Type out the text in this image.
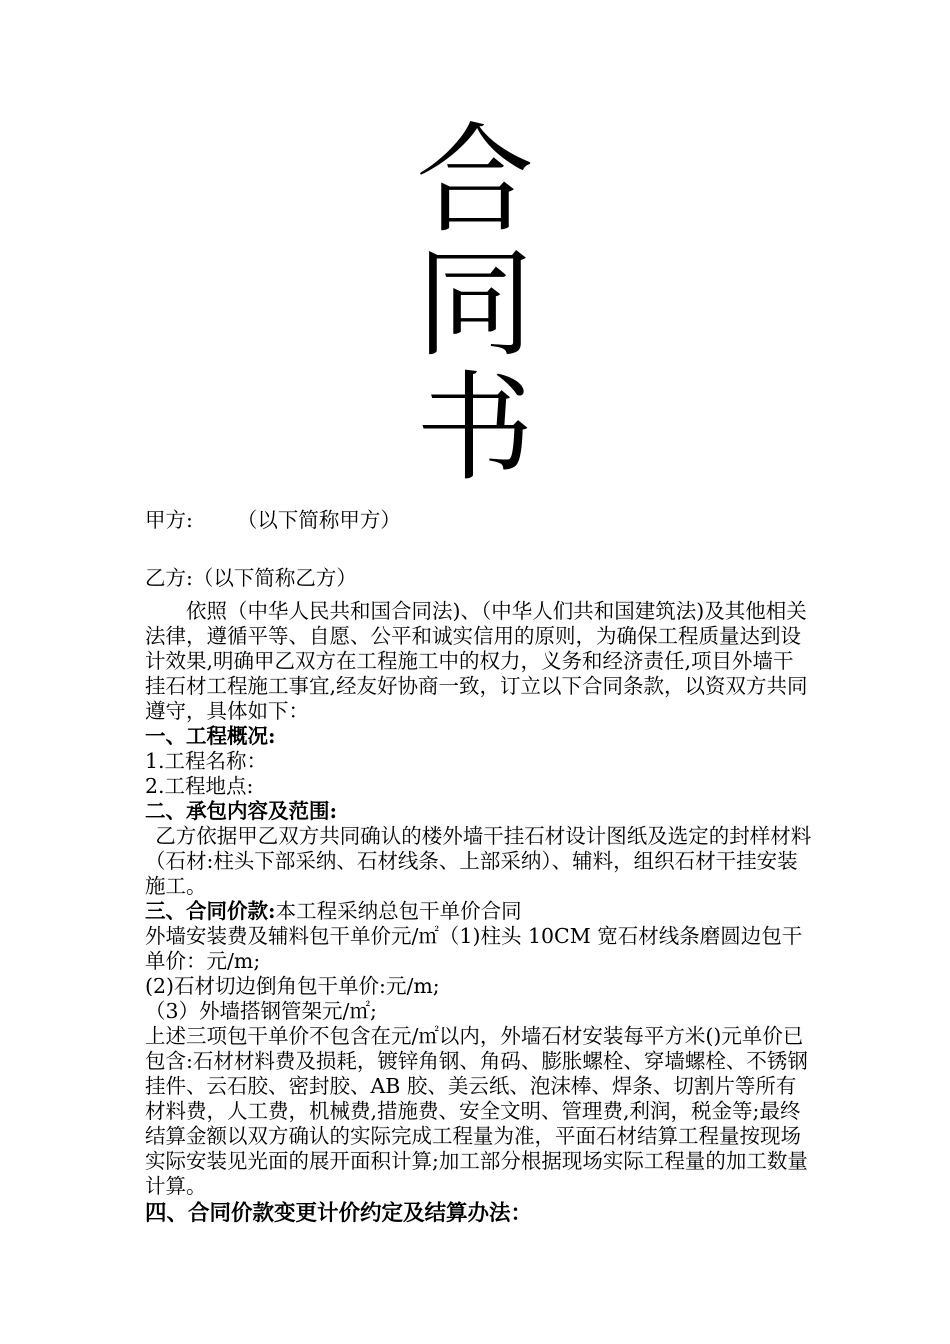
合
同
书

甲方: （以下简称甲方）

乙方:（以下简称乙方）

依照（中华人民共和国合同法)、（中华人们共和国建筑法)及其他相关法律，遵循平等、自愿、公平和诚实信用的原则，为确保工程质量达到设计效果,明确甲乙双方在工程施工中的权力，义务和经济责任,项目外墙干挂石材工程施工事宜,经友好协商一致，订立以下合同条款，以资双方共同遵守，具体如下：

一、工程概况:

1.工程名称：

2.工程地点:

二、承包内容及范围:

乙方依据甲乙双方共同确认的楼外墙干挂石材设计图纸及选定的封样材料（石材:柱头下部采纳、石材线条、上部采纳）、辅料，组织石材干挂安装施工。

三、合同价款:本工程采纳总包干单价合同

外墙安装费及辅料包干单价元/㎡（1)柱头 10CM 宽石材线条磨圆边包干单价：元/m;

(2)石材切边倒角包干单价:元/m;

（3）外墙搭钢管架元/㎡;

上述三项包干单价不包含在元/㎡以内，外墙石材安装每平方米()元单价已包含:石材材料费及损耗，镀锌角钢、角码、膨胀螺栓、穿墙螺栓、不锈钢挂件、云石胶、密封胶、AB 胶、美云纸、泡沫棒、焊条、切割片等所有材料费，人工费，机械费,措施费、安全文明、管理费,利润，税金等;最终结算金额以双方确认的实际完成工程量为准，平面石材结算工程量按现场实际安装见光面的展开面积计算;加工部分根据现场实际工程量的加工数量计算。

四、合同价款变更计价约定及结算办法：
